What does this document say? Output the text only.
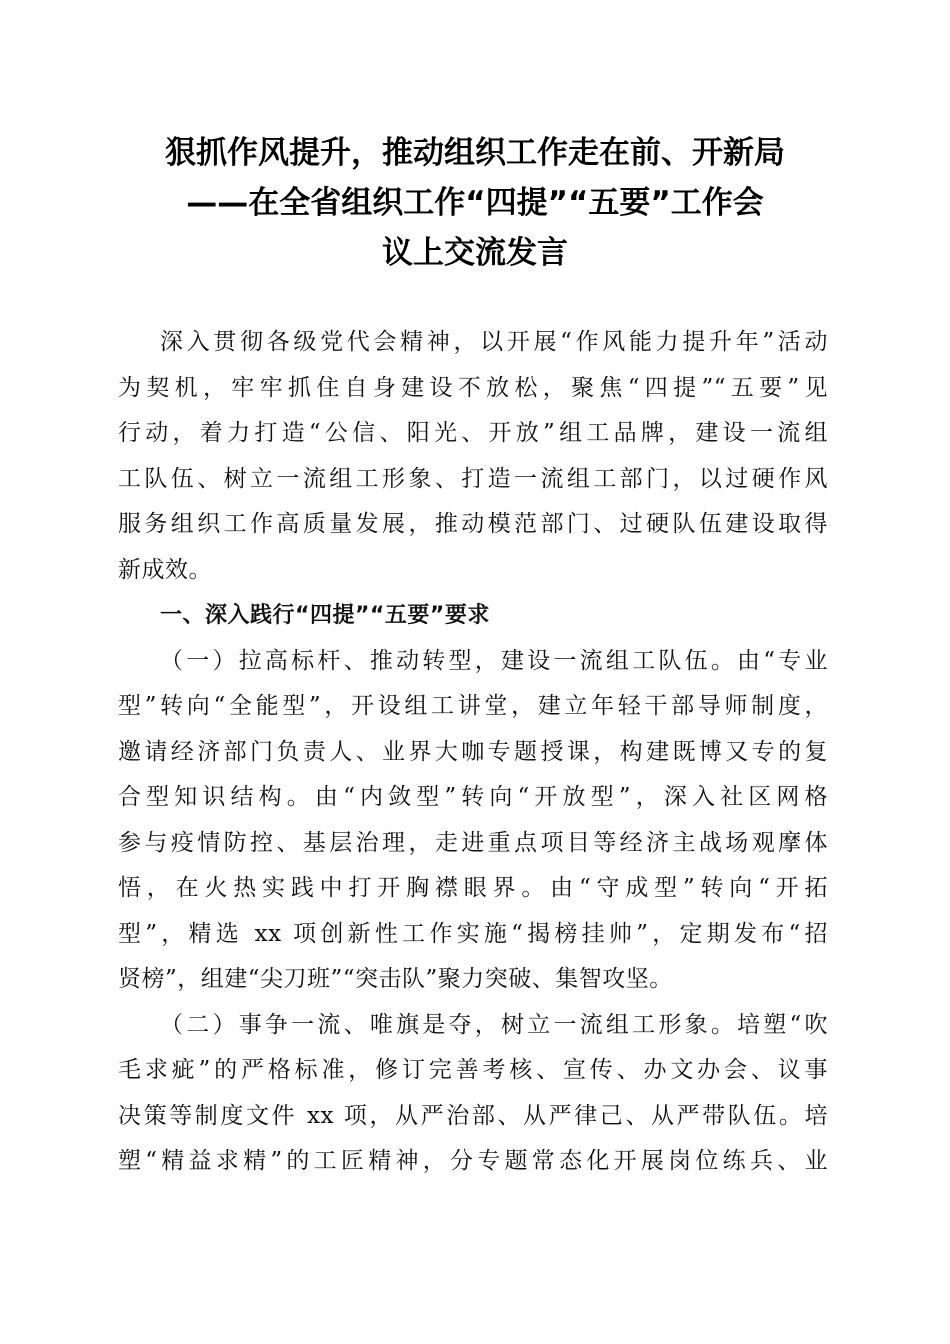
狠抓作风提升，推动组织工作走在前、开新局
——在全省组织工作“四提”“五要”工作会
议上交流发言
深入贯彻各级党代会精神，以开展“作风能力提升年”活动
为契机，牢牢抓住自身建设不放松，聚焦“四提”“五要”见
行动，着力打造“公信、阳光、开放”组工品牌，建设一流组
工队伍、树立一流组工形象、打造一流组工部门，以过硬作风
服务组织工作高质量发展，推动模范部门、过硬队伍建设取得
新成效。
一、深入践行“四提”“五要”要求
（一）拉高标杆、推动转型，建设一流组工队伍。由“专业
型”转向“全能型”，开设组工讲堂，建立年轻干部导师制度，
邀请经济部门负责人、业界大咖专题授课，构建既博又专的复
合型知识结构。由“内敛型”转向“开放型”，深入社区网格
参与疫情防控、基层治理，走进重点项目等经济主战场观摩体
悟，在火热实践中打开胸襟眼界。由“守成型”转向“开拓
型”，精选 xx 项创新性工作实施“揭榜挂帅”，定期发布“招
贤榜”，组建“尖刀班”“突击队”聚力突破、集智攻坚。
（二）事争一流、唯旗是夺，树立一流组工形象。培塑“吹
毛求疵”的严格标准，修订完善考核、宣传、办文办会、议事
决策等制度文件 xx 项，从严治部、从严律己、从严带队伍。培
塑“精益求精”的工匠精神，分专题常态化开展岗位练兵、业
